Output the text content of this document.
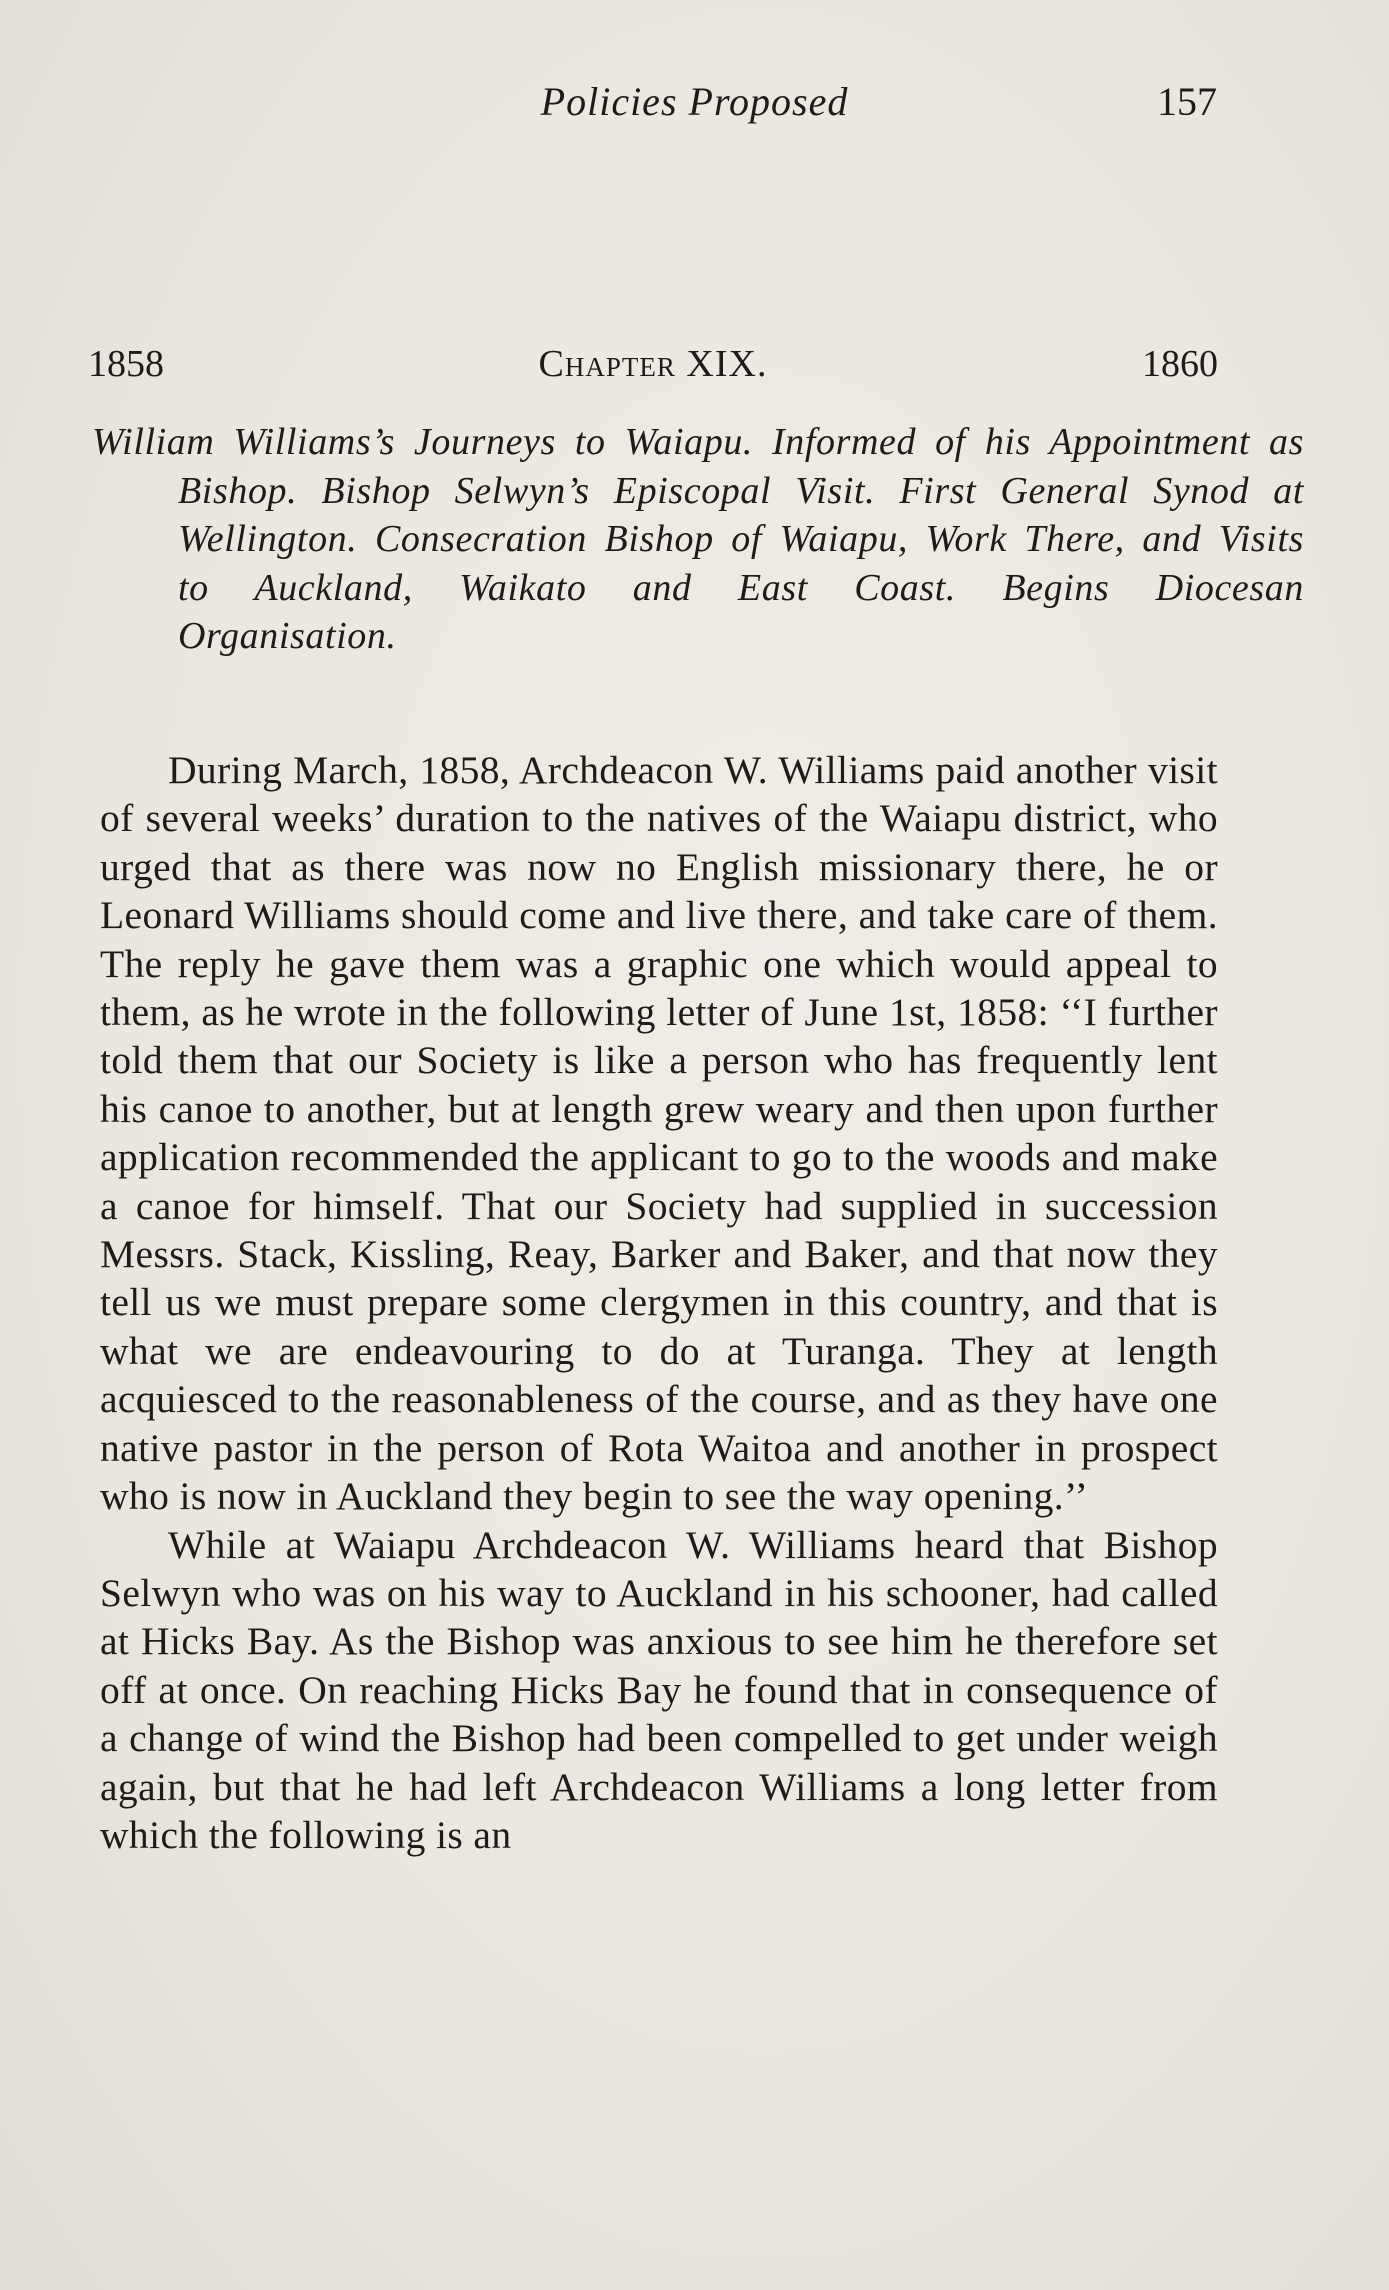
Policies Proposed	157
1858	Chapter XIX.	1860
William Williams’s Journeys to Waiapu. Informed of his Appointment as Bishop. Bishop Selwyn’s Episcopal Visit. First General Synod at Wellington. Consecration Bishop of Waiapu, Work There, and Visits to Auckland, Waikato and East Coast. Begins Diocesan Organisation.

During March, 1858, Archdeacon W. Williams paid another visit of several weeks’ duration to the natives of the Waiapu district, who urged that as there was now no English missionary there, he or Leonard Williams should come and live there, and take care of them. The reply he gave them was a graphic one which would appeal to them, as he wrote in the following letter of June 1st, 1858: ‘‘I further told them that our Society is like a person who has frequently lent his canoe to another, but at length grew weary and then upon further application recommended the applicant to go to the woods and make a canoe for himself. That our Society had supplied in succession Messrs. Stack, Kissling, Reay, Barker and Baker, and that now they tell us we must prepare some clergymen in this country, and that is what we are endeavouring to do at Turanga. They at length acquiesced to the reasonableness of the course, and as they have one native pastor in the person of Rota Waitoa and another in prospect who is now in Auckland they begin to see the way opening.’’

While at Waiapu Archdeacon W. Williams heard that Bishop Selwyn who was on his way to Auckland in his schooner, had called at Hicks Bay. As the Bishop was anxious to see him he therefore set off at once. On reaching Hicks Bay he found that in consequence of a change of wind the Bishop had been compelled to get under weigh again, but that he had left Archdeacon Williams a long letter from which the following is an
